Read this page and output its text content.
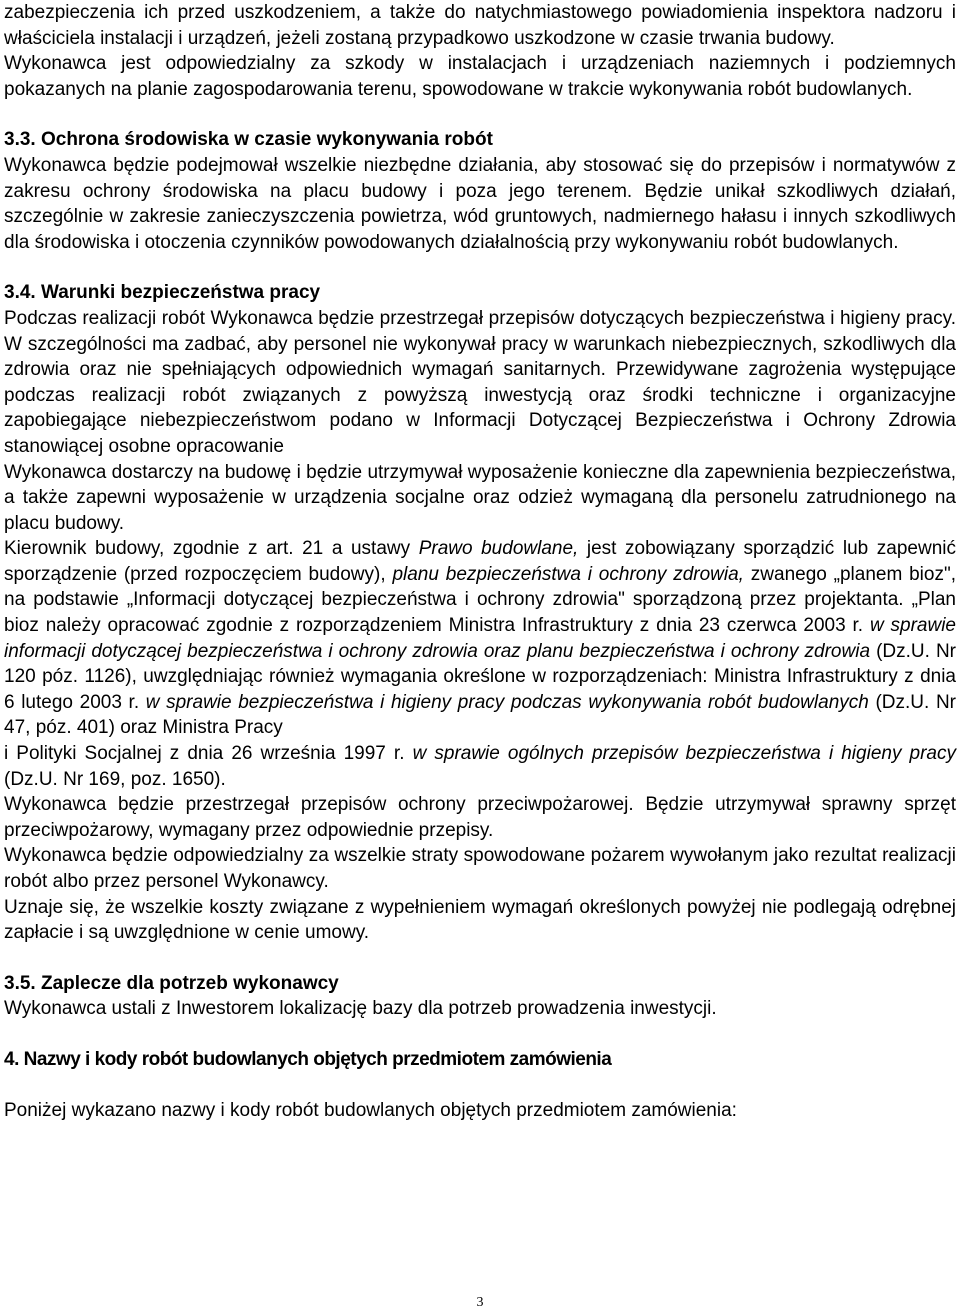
zabezpieczenia ich przed uszkodzeniem, a także do natychmiastowego powiadomienia inspektora nadzoru i właściciela instalacji i urządzeń, jeżeli zostaną przypadkowo uszkodzone w czasie trwania budowy.

Wykonawca jest odpowiedzialny za szkody w instalacjach i urządzeniach naziemnych i podziemnych pokazanych na planie zagospodarowania terenu, spowodowane w trakcie wykonywania robót budowlanych.

3.3. Ochrona środowiska w czasie wykonywania robót

Wykonawca będzie podejmował wszelkie niezbędne działania, aby stosować się do przepisów i normatywów z zakresu ochrony środowiska na placu budowy i poza jego terenem. Będzie unikał szkodliwych działań, szczególnie w zakresie zanieczyszczenia powietrza, wód gruntowych, nadmiernego hałasu i innych szkodliwych dla środowiska i otoczenia czynników powodowanych działalnością przy wykonywaniu robót budowlanych.

3.4. Warunki bezpieczeństwa pracy

Podczas realizacji robót Wykonawca będzie przestrzegał przepisów dotyczących bezpieczeństwa i higieny pracy. W szczególności ma zadbać, aby personel nie wykonywał pracy w warunkach niebezpiecznych, szkodliwych dla zdrowia oraz nie spełniających odpowiednich wymagań sanitarnych. Przewidywane zagrożenia występujące podczas realizacji robót związanych z powyższą inwestycją oraz środki techniczne i organizacyjne zapobiegające niebezpieczeństwom podano w Informacji Dotyczącej Bezpieczeństwa i Ochrony Zdrowia stanowiącej osobne opracowanie

Wykonawca dostarczy na budowę i będzie utrzymywał wyposażenie konieczne dla zapewnienia bezpieczeństwa, a także zapewni wyposażenie w urządzenia socjalne oraz odzież wymaganą dla personelu zatrudnionego na placu budowy.

Kierownik budowy, zgodnie z art. 21 a ustawy Prawo budowlane, jest zobowiązany sporządzić lub zapewnić sporządzenie (przed rozpoczęciem budowy), planu bezpieczeństwa i ochrony zdrowia, zwanego „planem bioz", na podstawie „Informacji dotyczącej bezpieczeństwa i ochrony zdrowia" sporządzoną przez projektanta. „Plan bioz należy opracować zgodnie z rozporządzeniem Ministra Infrastruktury z dnia 23 czerwca 2003 r. w sprawie informacji dotyczącej bezpieczeństwa i ochrony zdrowia oraz planu bezpieczeństwa i ochrony zdrowia (Dz.U. Nr 120 póz. 1126), uwzględniając również wymagania określone w rozporządzeniach: Ministra Infrastruktury z dnia 6 lutego 2003 r. w sprawie bezpieczeństwa i higieny pracy podczas wykonywania robót budowlanych (Dz.U. Nr 47, póz. 401) oraz Ministra Pracy
i Polityki Socjalnej z dnia 26 września 1997 r. w sprawie ogólnych przepisów bezpieczeństwa i higieny pracy (Dz.U. Nr 169, poz. 1650).

Wykonawca będzie przestrzegał przepisów ochrony przeciwpożarowej. Będzie utrzymywał sprawny sprzęt przeciwpożarowy, wymagany przez odpowiednie przepisy.

Wykonawca będzie odpowiedzialny za wszelkie straty spowodowane pożarem wywołanym jako rezultat realizacji robót albo przez personel Wykonawcy.

Uznaje się, że wszelkie koszty związane z wypełnieniem wymagań określonych powyżej nie podlegają odrębnej zapłacie i są uwzględnione w cenie umowy.

3.5. Zaplecze dla potrzeb wykonawcy

Wykonawca ustali z Inwestorem lokalizację bazy dla potrzeb prowadzenia inwestycji.

4. Nazwy i kody robót budowlanych objętych przedmiotem zamówienia

Poniżej wykazano nazwy i kody robót budowlanych objętych przedmiotem zamówienia:

3
